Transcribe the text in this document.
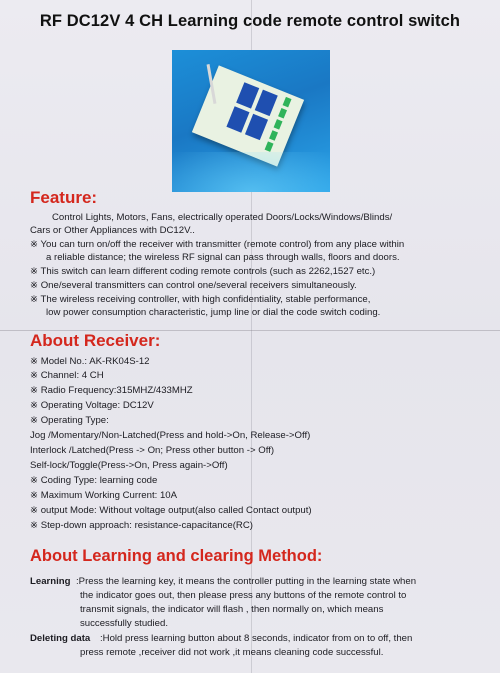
RF DC12V 4 CH Learning code remote control switch
Feature:
Control Lights, Motors, Fans, electrically operated Doors/Locks/Windows/Blinds/
Cars or Other Appliances with DC12V..
※ You can turn on/off the receiver with transmitter (remote control) from any place within
a reliable distance; the wireless RF signal can pass through walls, floors and doors.
※ This switch can learn different coding remote controls (such as 2262,1527 etc.)
※ One/several transmitters can control one/several receivers simultaneously.
※ The wireless receiving controller, with high confidentiality, stable performance,
low power consumption characteristic, jump line or dial the code switch coding.
About Receiver:
※ Model No.: AK-RK04S-12
※ Channel: 4 CH
※ Radio Frequency:315MHZ/433MHZ
※ Operating Voltage: DC12V
※ Operating Type:
Jog /Momentary/Non-Latched(Press and hold->On, Release->Off)
Interlock /Latched(Press -> On; Press other button -> Off)
Self-lock/Toggle(Press->On, Press again->Off)
※ Coding Type: learning code
※ Maximum Working Current: 10A
※ output Mode: Without voltage output(also called Contact output)
※ Step-down approach: resistance-capacitance(RC)
About Learning and clearing Method:
Learning :Press the learning key, it means the controller putting in the learning state when
the indicator goes out, then please press any buttons of the remote control to
transmit signals, the indicator will flash , then normally on, which means
successfully studied.
Deleting data :Hold press learning button about 8 seconds, indicator from on to off, then
press remote ,receiver did not work ,it means cleaning code successful.
